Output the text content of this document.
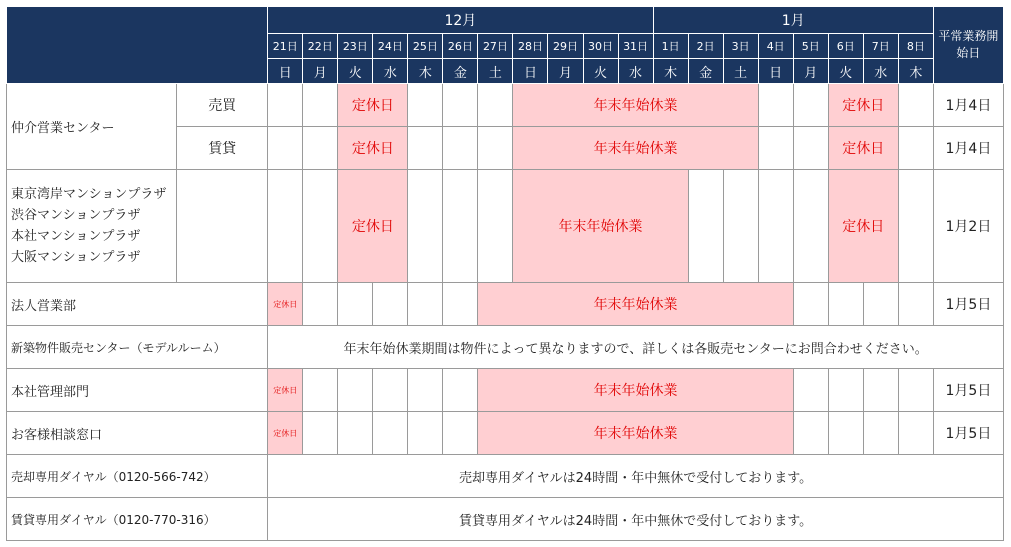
		12月											1月								平常業務開始日
		21日	22日	23日	24日	25日	26日	27日	28日	29日	30日	31日	1日	2日	3日	4日	5日	6日	7日	8日	
		日	月	火	水	木	金	土	日	月	火	水	木	金	土	日	月	火	水	木	
仲介営業センター	売買			定休日					年末年始休業									定休日			1月4日
	賃貸			定休日					年末年始休業									定休日			1月4日

東京湾岸マンションプラザ
渋谷マンションプラザ
本社マンションプラザ
大阪マンションプラザ				定休日					年末年始休業									定休日			1月2日
法人営業部		定休日						年末年始休業													1月5日
新築物件販売センター（モデルルーム）		年末年始休業期間は物件によって異なりますので、詳しくは各販売センターにお問合わせください。																			
本社管理部門		定休日						年末年始休業													1月5日
お客様相談窓口		定休日						年末年始休業													1月5日
売却専用ダイヤル（0120-566-742）		売却専用ダイヤルは24時間・年中無休で受付しております。																			
賃貸専用ダイヤル（0120-770-316）		賃貸専用ダイヤルは24時間・年中無休で受付しております。																			
